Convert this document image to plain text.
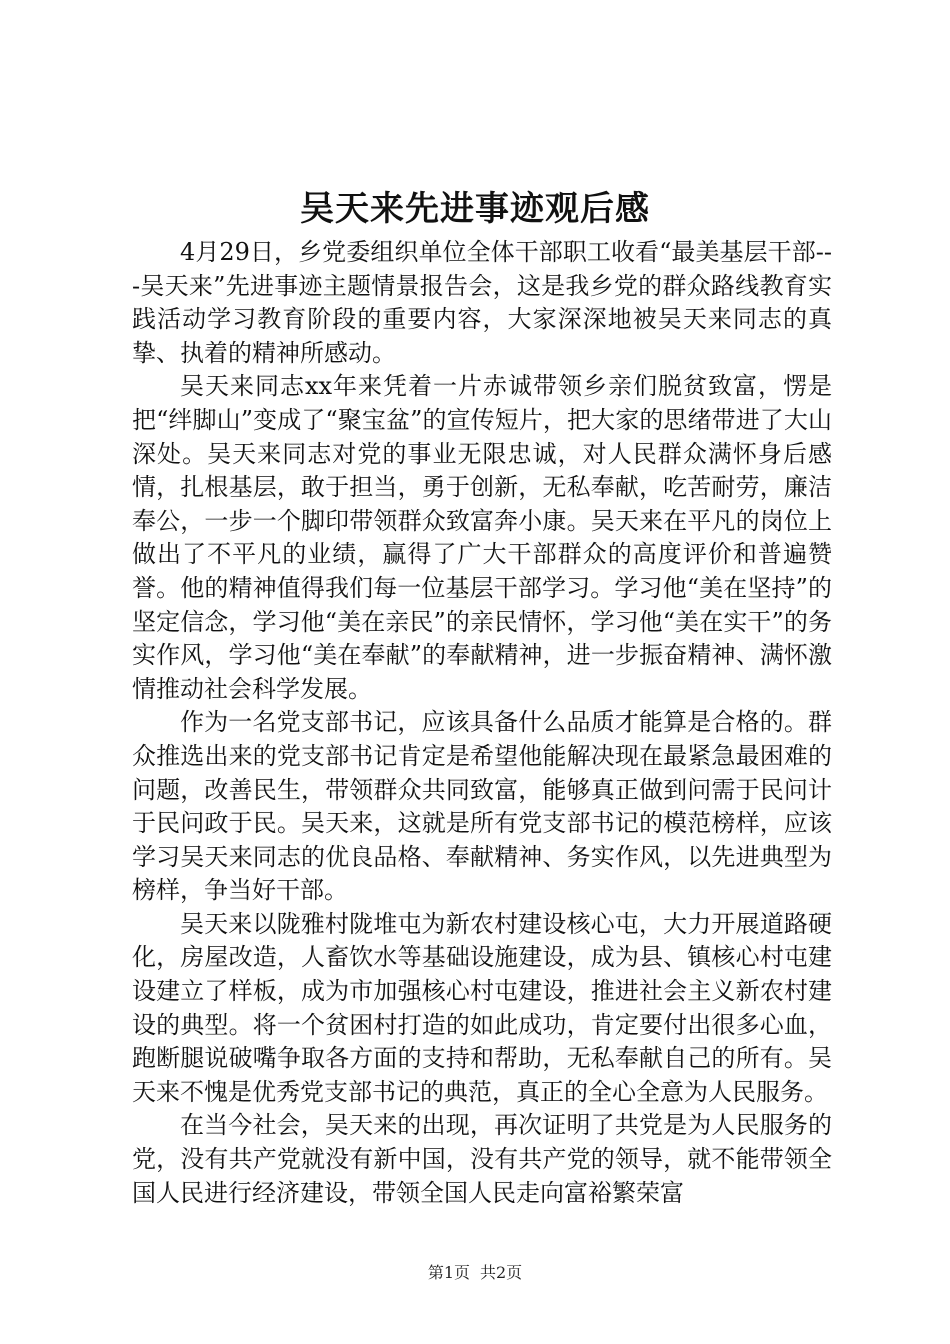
吴天来先进事迹观后感

4月29日，乡党委组织单位全体干部职工收看“最美基层干部---吴天来”先进事迹主题情景报告会，这是我乡党的群众路线教育实践活动学习教育阶段的重要内容，大家深深地被吴天来同志的真挚、执着的精神所感动。

吴天来同志xx年来凭着一片赤诚带领乡亲们脱贫致富，愣是把“绊脚山”变成了“聚宝盆”的宣传短片，把大家的思绪带进了大山深处。吴天来同志对党的事业无限忠诚，对人民群众满怀身后感情，扎根基层，敢于担当，勇于创新，无私奉献，吃苦耐劳，廉洁奉公，一步一个脚印带领群众致富奔小康。吴天来在平凡的岗位上做出了不平凡的业绩，赢得了广大干部群众的高度评价和普遍赞誉。他的精神值得我们每一位基层干部学习。学习他“美在坚持”的坚定信念，学习他“美在亲民”的亲民情怀，学习他“美在实干”的务实作风，学习他“美在奉献”的奉献精神，进一步振奋精神、满怀激情推动社会科学发展。

作为一名党支部书记，应该具备什么品质才能算是合格的。群众推选出来的党支部书记肯定是希望他能解决现在最紧急最困难的问题，改善民生，带领群众共同致富，能够真正做到问需于民问计于民问政于民。吴天来，这就是所有党支部书记的模范榜样，应该学习吴天来同志的优良品格、奉献精神、务实作风，以先进典型为榜样，争当好干部。

吴天来以陇雅村陇堆屯为新农村建设核心屯，大力开展道路硬化，房屋改造，人畜饮水等基础设施建设，成为县、镇核心村屯建设建立了样板，成为市加强核心村屯建设，推进社会主义新农村建设的典型。将一个贫困村打造的如此成功，肯定要付出很多心血，跑断腿说破嘴争取各方面的支持和帮助，无私奉献自己的所有。吴天来不愧是优秀党支部书记的典范，真正的全心全意为人民服务。

在当今社会，吴天来的出现，再次证明了共党是为人民服务的党，没有共产党就没有新中国，没有共产党的领导，就不能带领全国人民进行经济建设，带领全国人民走向富裕繁荣富

第1页 共2页
